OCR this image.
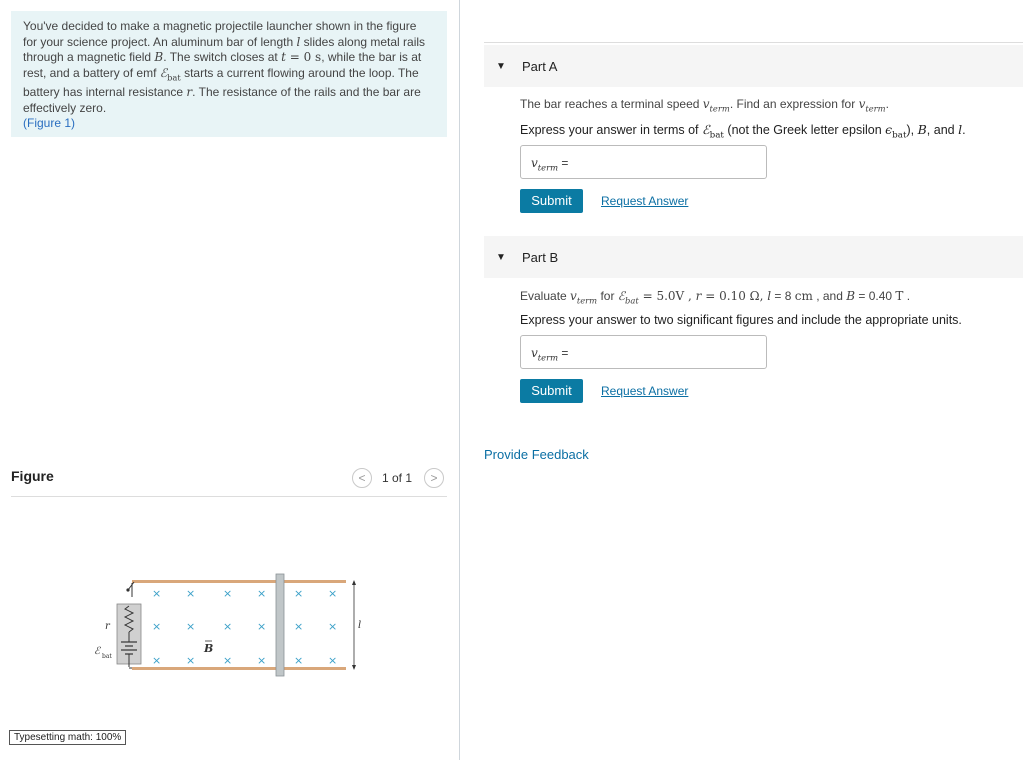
You've decided to make a magnetic projectile launcher shown in the figure
for your science project. An aluminum bar of length l slides along metal rails
through a magnetic field B. The switch closes at t = 0 s, while the bar is at
rest, and a battery of emf ℰ$_{bat}$ starts a current flowing around the loop. The
battery has internal resistance r. The resistance of the rails and the bar are
effectively zero.
(Figure 1)
Figure	<	1 of 1	>
r
ℰ bat
× ×	× ×	× ×
× ×	× ×	× ×
× ×	× ×	× ×
B
l
Typesetting math: 100%
▼ Part A
The bar reaches a terminal speed $v_{term}$. Find an expression for $v_{term}$.
Express your answer in terms of ℰ$_{bat}$ (not the Greek letter epsilon $\epsilon_{bat}$), B, and l.
$v_{term}$ =
Submit	Request Answer
▼ Part B
Evaluate $v_{term}$ for ℰ$_{bat}$ = 5.0V , r = 0.10 Ω, l = 8 cm , and B = 0.40 T .
Express your answer to two significant figures and include the appropriate units.
$v_{term}$ =
Submit	Request Answer
Provide Feedback
